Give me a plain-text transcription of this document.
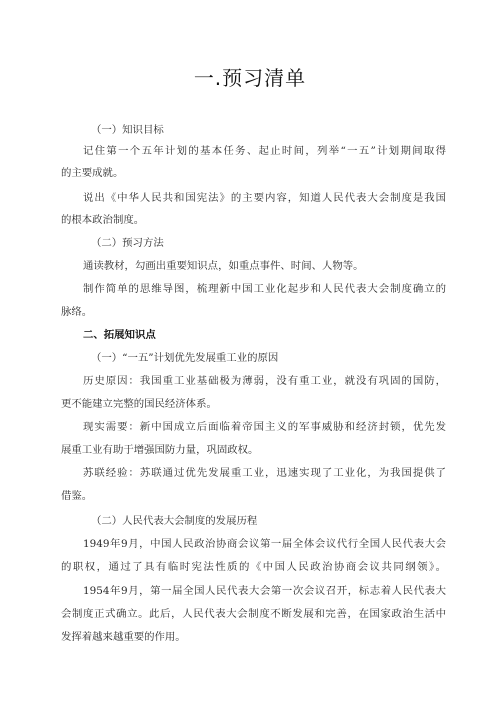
一.预习清单
（一）知识目标
记住第一个五年计划的基本任务、起止时间，列举“一五”计划期间取得
的主要成就。
说出《中华人民共和国宪法》的主要内容，知道人民代表大会制度是我国
的根本政治制度。
（二）预习方法
通读教材，勾画出重要知识点，如重点事件、时间、人物等。
制作简单的思维导图，梳理新中国工业化起步和人民代表大会制度确立的
脉络。
二、拓展知识点
（一）“一五”计划优先发展重工业的原因
历史原因：我国重工业基础极为薄弱，没有重工业，就没有巩固的国防，
更不能建立完整的国民经济体系。
现实需要：新中国成立后面临着帝国主义的军事威胁和经济封锁，优先发
展重工业有助于增强国防力量，巩固政权。
苏联经验：苏联通过优先发展重工业，迅速实现了工业化，为我国提供了
借鉴。
（二）人民代表大会制度的发展历程
1949年9月，中国人民政治协商会议第一届全体会议代行全国人民代表大会
的职权，通过了具有临时宪法性质的《中国人民政治协商会议共同纲领》。
1954年9月，第一届全国人民代表大会第一次会议召开，标志着人民代表大
会制度正式确立。此后，人民代表大会制度不断发展和完善，在国家政治生活中
发挥着越来越重要的作用。
